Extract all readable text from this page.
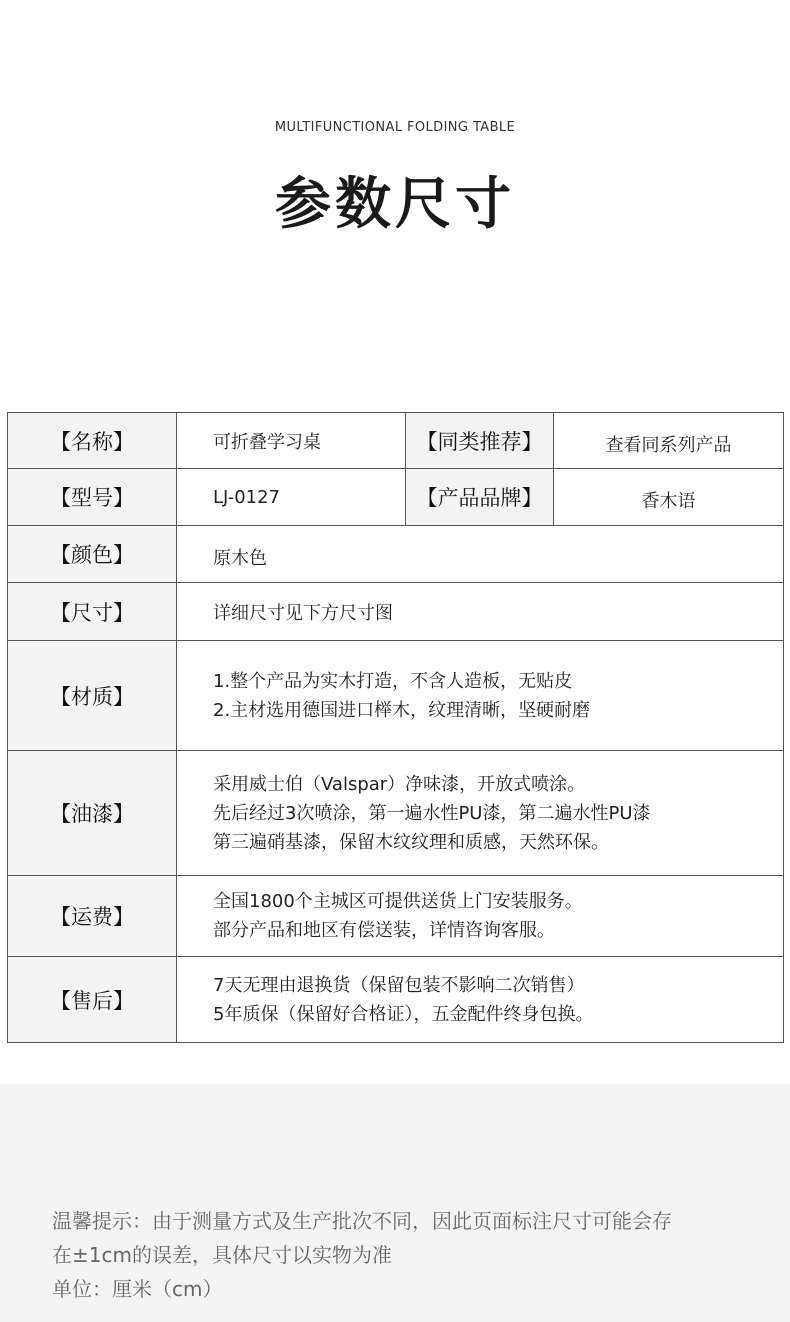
MULTIFUNCTIONAL FOLDING TABLE
参数尺寸
【名称】	可折叠学习桌	【同类推荐】	查看同系列产品
【型号】	LJ-0127	【产品品牌】	香木语
【颜色】	原木色		
【尺寸】	详细尺寸见下方尺寸图		
【材质】	1.整个产品为实木打造，不含人造板，无贴皮
2.主材选用德国进口榉木，纹理清晰，坚硬耐磨		

【油漆】	采用威士伯（Valspar）净味漆，开放式喷涂。
先后经过3次喷涂，第一遍水性PU漆，第二遍水性PU漆
第三遍硝基漆，保留木纹纹理和质感，天然环保。		

【运费】	全国1800个主城区可提供送货上门安装服务。
部分产品和地区有偿送装，详情咨询客服。		

【售后】	7天无理由退换货（保留包装不影响二次销售）
5年质保（保留好合格证），五金配件终身包换。		
温馨提示：由于测量方式及生产批次不同，因此页面标注尺寸可能会存
在±1cm的误差，具体尺寸以实物为准
单位：厘米（cm）
